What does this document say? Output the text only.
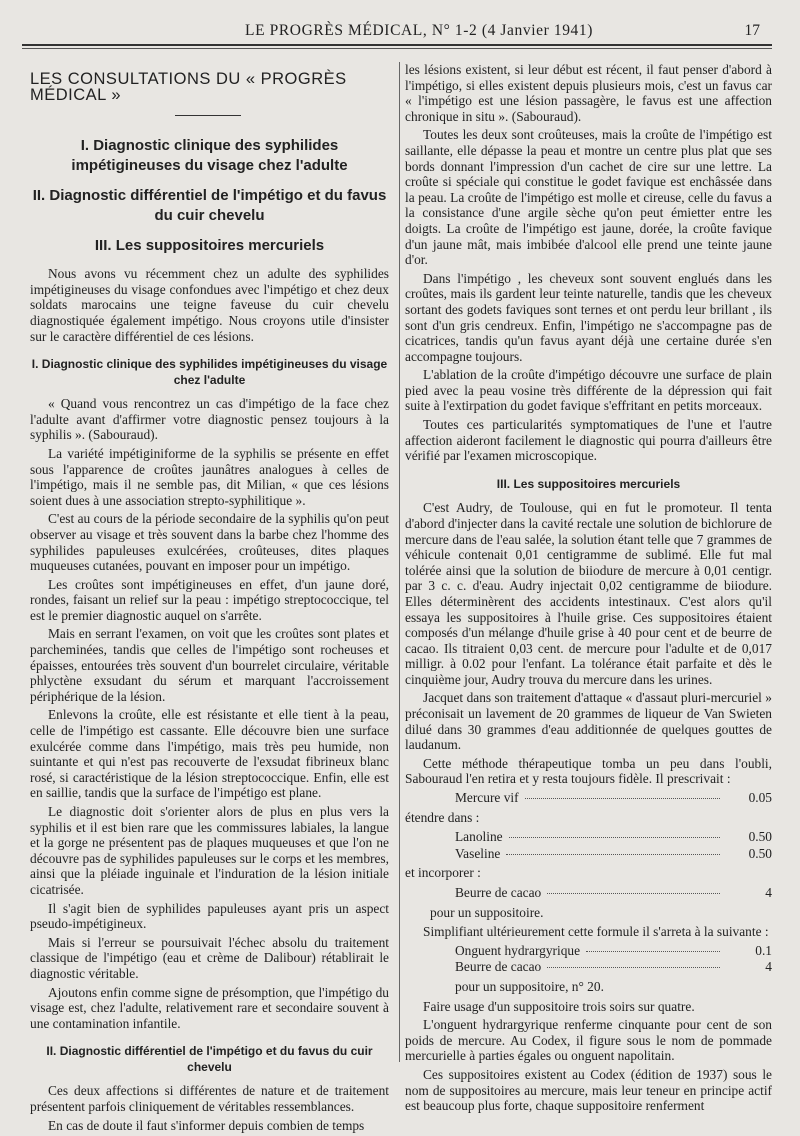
LE PROGRÈS MÉDICAL, N° 1-2 (4 Janvier 1941)	17
LES CONSULTATIONS DU « PROGRÈS MÉDICAL »
I. Diagnostic clinique des syphilides impétigineuses du visage chez l'adulte
II. Diagnostic différentiel de l'impétigo et du favus du cuir chevelu
III. Les suppositoires mercuriels

Nous avons vu récemment chez un adulte des syphilides impétigineuses du visage confondues avec l'impétigo et chez deux soldats marocains une teigne faveuse du cuir chevelu diagnostiquée également impétigo. Nous croyons utile d'insister sur le caractère différentiel de ces lésions.

I. Diagnostic clinique des syphilides impétigineuses du visage chez l'adulte

« Quand vous rencontrez un cas d'impétigo de la face chez l'adulte avant d'affirmer votre diagnostic pensez toujours à la syphilis ». (Sabouraud).

La variété impétiginiforme de la syphilis se présente en effet sous l'apparence de croûtes jaunâtres analogues à celles de l'impétigo, mais il ne semble pas, dit Milian, « que ces lésions soient dues à une association strepto-syphilitique ».

C'est au cours de la période secondaire de la syphilis qu'on peut observer au visage et très souvent dans la barbe chez l'homme des syphilides papuleuses exulcérées, croûteuses, dites plaques muqueuses cutanées, pouvant en imposer pour un impétigo.

Les croûtes sont impétigineuses en effet, d'un jaune doré, rondes, faisant un relief sur la peau : impétigo streptococcique, tel est le premier diagnostic auquel on s'arrête.

Mais en serrant l'examen, on voit que les croûtes sont plates et parcheminées, tandis que celles de l'impétigo sont rocheuses et épaisses, entourées très souvent d'un bourrelet circulaire, véritable phlyctène exsudant du sérum et marquant l'accroissement périphérique de la lésion.

Enlevons la croûte, elle est résistante et elle tient à la peau, celle de l'impétigo est cassante. Elle découvre bien une surface exulcérée comme dans l'impétigo, mais très peu humide, non suintante et qui n'est pas recouverte de l'exsudat fibrineux blanc rosé, si caractéristique de la lésion streptococcique. Enfin, elle est en saillie, tandis que la surface de l'impétigo est plane.

Le diagnostic doit s'orienter alors de plus en plus vers la syphilis et il est bien rare que les commissures labiales, la langue et la gorge ne présentent pas de plaques muqueuses et que l'on ne découvre pas de syphilides papuleuses sur le corps et les membres, ainsi que la pléiade inguinale et l'induration de la lésion initiale cicatrisée.

Il s'agit bien de syphilides papuleuses ayant pris un aspect pseudo-impétigineux.

Mais si l'erreur se poursuivait l'échec absolu du traitement classique de l'impétigo (eau et crème de Dalibour) rétablirait le diagnostic véritable.

Ajoutons enfin comme signe de présomption, que l'impétigo du visage est, chez l'adulte, relativement rare et secondaire souvent à une contamination infantile.

II. Diagnostic différentiel de l'impétigo et du favus du cuir chevelu

Ces deux affections si différentes de nature et de traitement présentent parfois cliniquement de véritables ressemblances.

En cas de doute il faut s'informer depuis combien de temps

les lésions existent, si leur début est récent, il faut penser d'abord à l'impétigo, si elles existent depuis plusieurs mois, c'est un favus car « l'impétigo est une lésion passagère, le favus est une affection chronique in situ ». (Sabouraud).

Toutes les deux sont croûteuses, mais la croûte de l'impétigo est saillante, elle dépasse la peau et montre un centre plus plat que ses bords donnant l'impression d'un cachet de cire sur une lettre. La croûte si spéciale qui constitue le godet favique est enchâssée dans la peau. La croûte de l'impétigo est molle et cireuse, celle du favus a la consistance d'une argile sèche qu'on peut émietter entre les doigts. La croûte de l'impétigo est jaune, dorée, la croûte favique d'un jaune mât, mais imbibée d'alcool elle prend une teinte jaune d'or.

Dans l'impétigo , les cheveux sont souvent englués dans les croûtes, mais ils gardent leur teinte naturelle, tandis que les cheveux sortant des godets faviques sont ternes et ont perdu leur brillant , ils sont d'un gris cendreux. Enfin, l'impétigo ne s'accompagne pas de cicatrices, tandis qu'un favus ayant déjà une certaine durée s'en accompagne toujours.

L'ablation de la croûte d'impétigo découvre une surface de plain pied avec la peau vosine très différente de la dépression qui fait suite à l'extirpation du godet favique s'effritant en petits morceaux.

Toutes ces particularités symptomatiques de l'une et l'autre affection aideront facilement le diagnostic qui pourra d'ailleurs être vérifié par l'examen microscopique.

III. Les suppositoires mercuriels

C'est Audry, de Toulouse, qui en fut le promoteur. Il tenta d'abord d'injecter dans la cavité rectale une solution de bichlorure de mercure dans de l'eau salée, la solution étant telle que 7 grammes de véhicule contenait 0,01 centigramme de sublimé. Elle fut mal tolérée ainsi que la solution de biiodure de mercure à 0,01 centigr. par 3 c. c. d'eau. Audry injectait 0,02 centigramme de biiodure. Elles déterminèrent des accidents intestinaux. C'est alors qu'il essaya les suppositoires à l'huile grise. Ces suppositoires étaient composés d'un mélange d'huile grise à 40 pour cent et de beurre de cacao. Ils titraient 0,03 cent. de mercure pour l'adulte et de 0,017 milligr. à 0.02 pour l'enfant. La tolérance était parfaite et dès le cinquième jour, Audry trouva du mercure dans les urines.

Jacquet dans son traitement d'attaque « d'assaut pluri-mercuriel » préconisait un lavement de 20 grammes de liqueur de Van Swieten dilué dans 30 grammes d'eau additionnée de quelques gouttes de laudanum.

Cette méthode thérapeutique tomba un peu dans l'oubli, Sabouraud l'en retira et y resta toujours fidèle. Il prescrivait :

Mercure vif	0.05
étendre dans :
Lanoline	0.50
Vaseline	0.50
et incorporer :
Beurre de cacao	4
pour un suppositoire.

Simplifiant ultérieurement cette formule il s'arreta à la suivante :

Onguent hydrargyrique	0.1
Beurre de cacao	4
pour un suppositoire, n° 20.

Faire usage d'un suppositoire trois soirs sur quatre.

L'onguent hydrargyrique renferme cinquante pour cent de son poids de mercure. Au Codex, il figure sous le nom de pommade mercurielle à parties égales ou onguent napolitain.

Ces suppositoires existent au Codex (édition de 1937) sous le nom de suppositoires au mercure, mais leur teneur en principe actif est beaucoup plus forte, chaque suppositoire renferment
